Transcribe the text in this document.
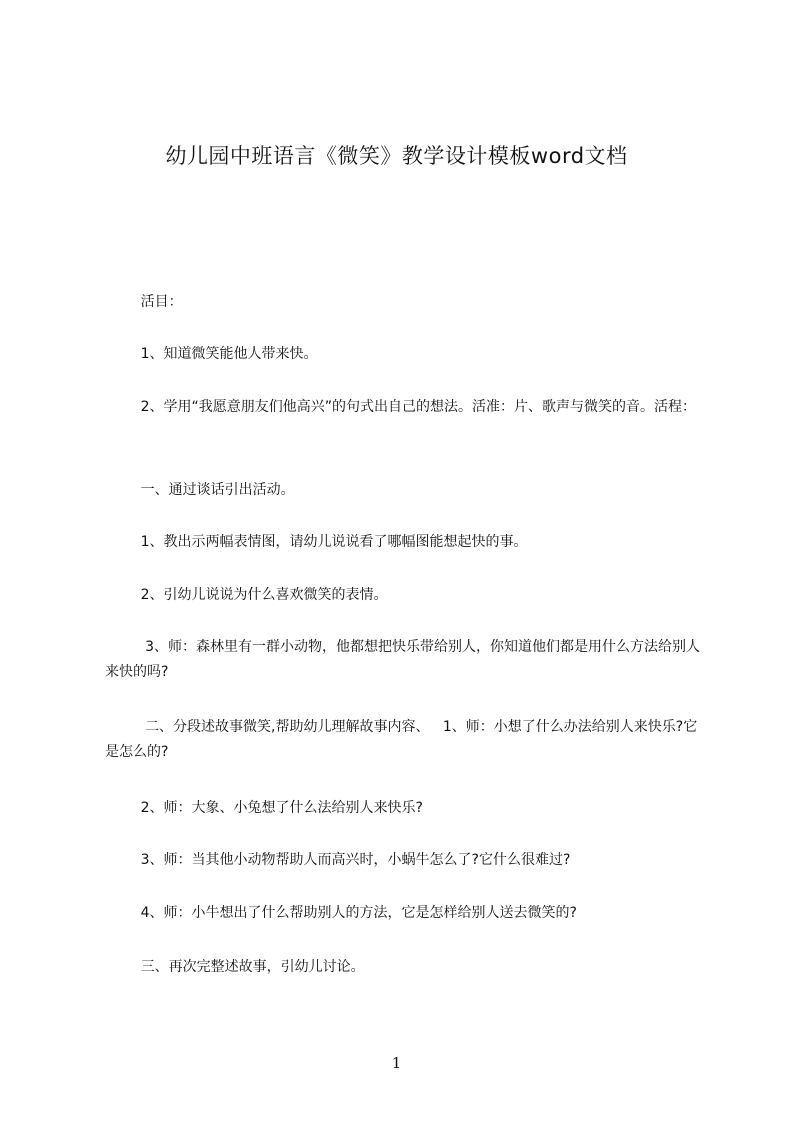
幼儿园中班语言《微笑》教学设计模板word文档
活目：
1、知道微笑能他人带来快。
2、学用“我愿意朋友们他高兴”的句式出自己的想法。活准：片、歌声与微笑的音。活程：
一、通过谈话引出活动。
1、教出示两幅表情图，请幼儿说说看了哪幅图能想起快的事。
2、引幼儿说说为什么喜欢微笑的表情。
3、师：森林里有一群小动物，他都想把快乐带给别人，你知道他们都是用什么方法给别人来快的吗?
二、分段述故事微笑,帮助幼儿理解故事内容、   1、师：小想了什么办法给别人来快乐?它是怎么的?
2、师：大象、小兔想了什么法给别人来快乐?
3、师：当其他小动物帮助人而高兴时，小蜗牛怎么了?它什么很难过?
4、师：小牛想出了什么帮助别人的方法，它是怎样给别人送去微笑的?
三、再次完整述故事，引幼儿讨论。
1
